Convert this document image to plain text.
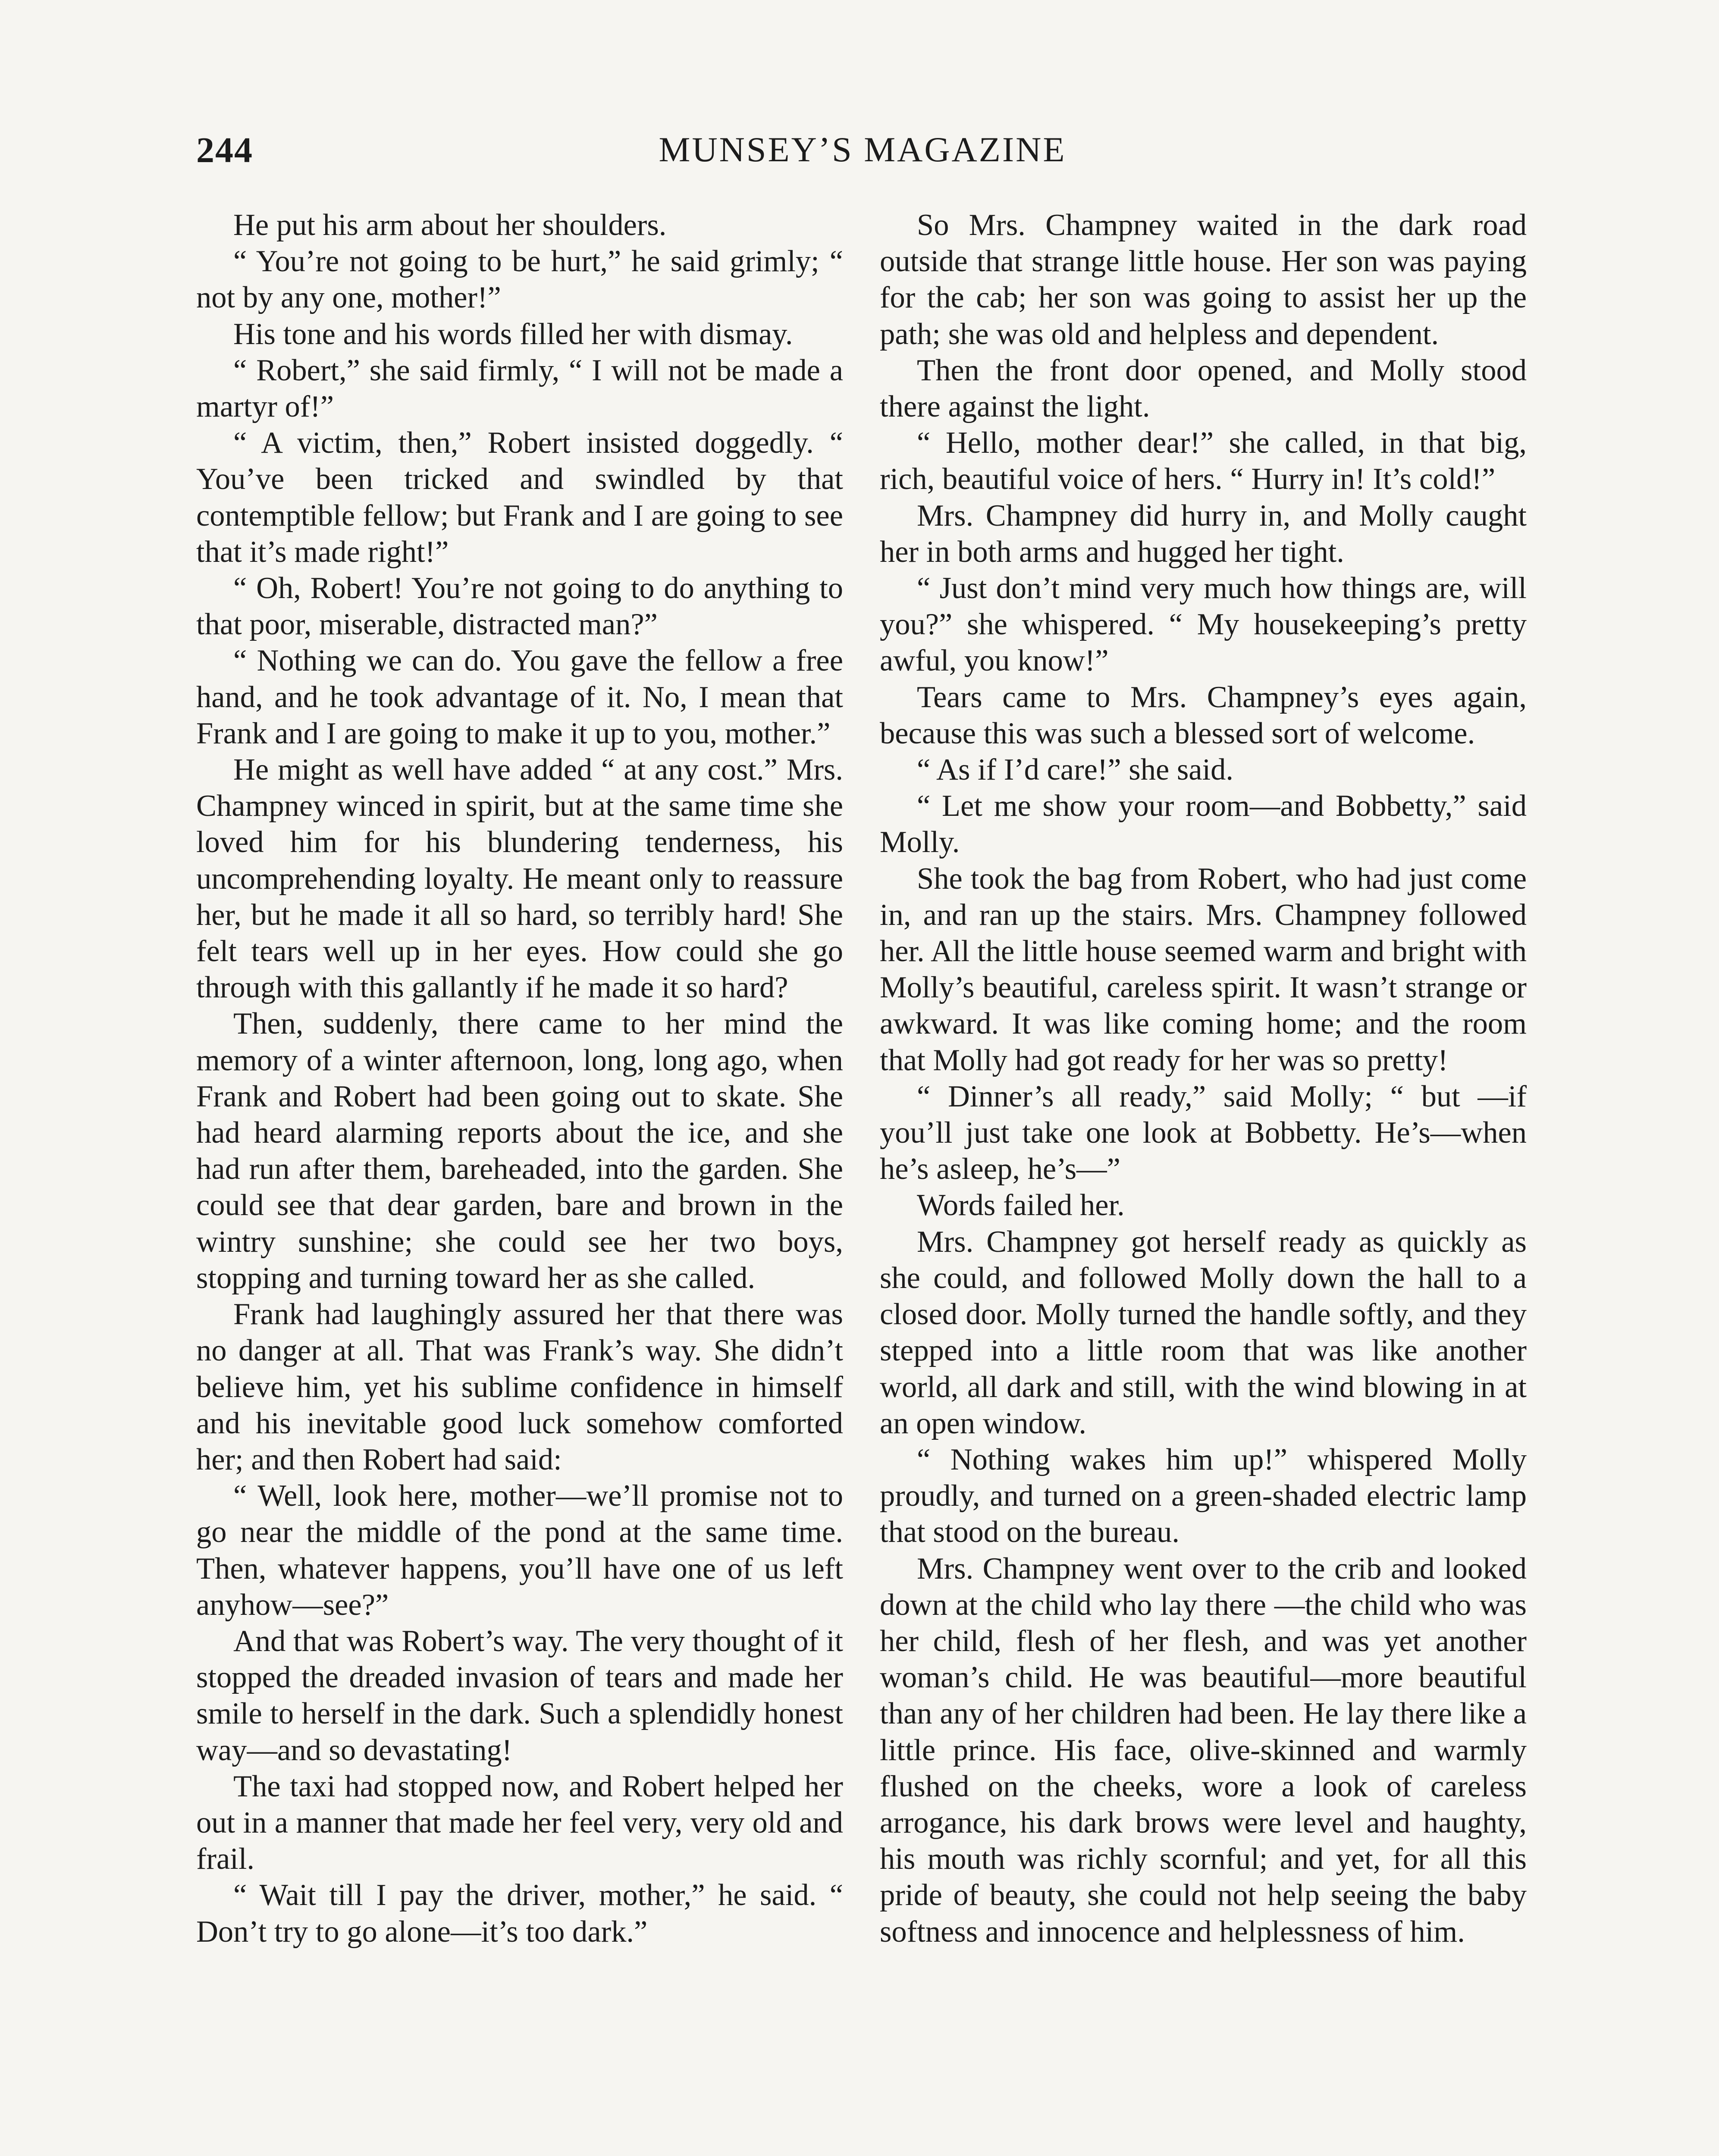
244	MUNSEY’S MAGAZINE

He put his arm about her shoulders.

“ You’re not going to be hurt,” he said grimly; “ not by any one, mother!”

His tone and his words filled her with dismay.

“ Robert,” she said firmly, “ I will not be made a martyr of!”

“ A victim, then,” Robert insisted doggedly. “ You’ve been tricked and swindled by that contemptible fellow; but Frank and I are going to see that it’s made right!”

“ Oh, Robert! You’re not going to do anything to that poor, miserable, distracted man?”

“ Nothing we can do. You gave the fellow a free hand, and he took advantage of it. No, I mean that Frank and I are going to make it up to you, mother.”

He might as well have added “ at any cost.” Mrs. Champney winced in spirit, but at the same time she loved him for his blundering tenderness, his uncomprehending loyalty. He meant only to reassure her, but he made it all so hard, so terribly hard! She felt tears well up in her eyes. How could she go through with this gallantly if he made it so hard?

Then, suddenly, there came to her mind the memory of a winter afternoon, long, long ago, when Frank and Robert had been going out to skate. She had heard alarming reports about the ice, and she had run after them, bareheaded, into the garden. She could see that dear garden, bare and brown in the wintry sunshine; she could see her two boys, stopping and turning toward her as she called.

Frank had laughingly assured her that there was no danger at all. That was Frank’s way. She didn’t believe him, yet his sublime confidence in himself and his inevitable good luck somehow comforted her; and then Robert had said:

“ Well, look here, mother—we’ll promise not to go near the middle of the pond at the same time. Then, whatever happens, you’ll have one of us left anyhow—see?”

And that was Robert’s way. The very thought of it stopped the dreaded invasion of tears and made her smile to herself in the dark. Such a splendidly honest way—and so devastating!

The taxi had stopped now, and Robert helped her out in a manner that made her feel very, very old and frail.

“ Wait till I pay the driver, mother,” he said. “ Don’t try to go alone—it’s too dark.”

So Mrs. Champney waited in the dark road outside that strange little house. Her son was paying for the cab; her son was going to assist her up the path; she was old and helpless and dependent.

Then the front door opened, and Molly stood there against the light.

“ Hello, mother dear!” she called, in that big, rich, beautiful voice of hers. “ Hurry in! It’s cold!”

Mrs. Champney did hurry in, and Molly caught her in both arms and hugged her tight.

“ Just don’t mind very much how things are, will you?” she whispered. “ My housekeeping’s pretty awful, you know!”

Tears came to Mrs. Champney’s eyes again, because this was such a blessed sort of welcome.

“ As if I’d care!” she said.

“ Let me show your room—and Bobbetty,” said Molly.

She took the bag from Robert, who had just come in, and ran up the stairs. Mrs. Champney followed her. All the little house seemed warm and bright with Molly’s beautiful, careless spirit. It wasn’t strange or awkward. It was like coming home; and the room that Molly had got ready for her was so pretty!

“ Dinner’s all ready,” said Molly; “ but —if you’ll just take one look at Bobbetty. He’s—when he’s asleep, he’s—”

Words failed her.

Mrs. Champney got herself ready as quickly as she could, and followed Molly down the hall to a closed door. Molly turned the handle softly, and they stepped into a little room that was like another world, all dark and still, with the wind blowing in at an open window.

“ Nothing wakes him up!” whispered Molly proudly, and turned on a green-shaded electric lamp that stood on the bureau.

Mrs. Champney went over to the crib and looked down at the child who lay there —the child who was her child, flesh of her flesh, and was yet another woman’s child. He was beautiful—more beautiful than any of her children had been. He lay there like a little prince. His face, olive-skinned and warmly flushed on the cheeks, wore a look of careless arrogance, his dark brows were level and haughty, his mouth was richly scornful; and yet, for all this pride of beauty, she could not help seeing the baby softness and innocence and helplessness of him.
